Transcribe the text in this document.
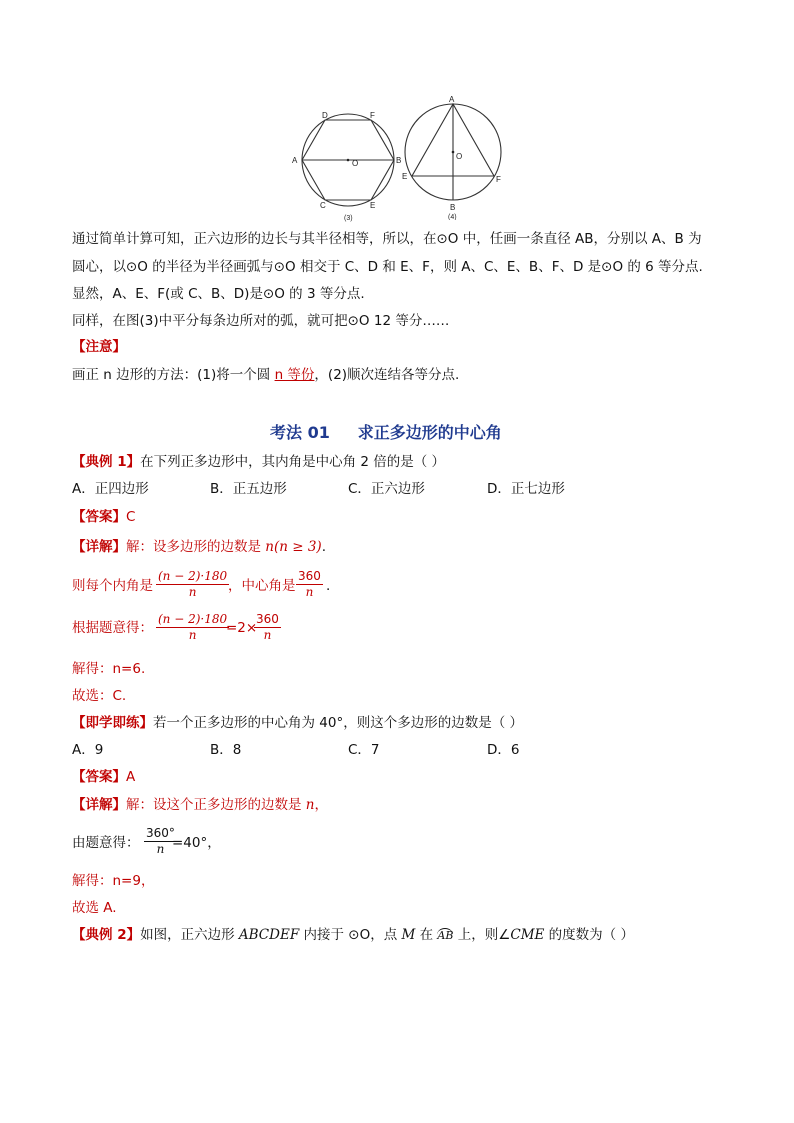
D	F
A	B
C	E
O
(3)
A
O
E	F
B
(4)
通过简单计算可知，正六边形的边长与其半径相等，所以，在⊙O 中，任画一条直径 AB，分别以 A、B 为
圆心，以⊙O 的半径为半径画弧与⊙O 相交于 C、D 和 E、F，则 A、C、E、B、F、D 是⊙O 的 6 等分点.
显然，A、E、F(或 C、B、D)是⊙O 的 3 等分点.
同样，在图(3)中平分每条边所对的弧，就可把⊙O 12 等分……
【注意】
画正 n 边形的方法：(1)将一个圆 n 等份，(2)顺次连结各等分点.
考法 01     求正多边形的中心角
【典例 1】在下列正多边形中，其内角是中心角 2 倍的是（ ）
A．正四边形	B．正五边形	C．正六边形	D．正七边形
【答案】C
【详解】解：设多边形的边数是 n(n ≥ 3).
则每个内角是 $\frac{(n - 2)\cdot 180}{n}$
，中心角是 $\frac{360}{n}$ .
根据题意得： $\frac{(n - 2)\cdot 180}{n}$
=2×
$\frac{360}{n}$
解得：n=6.
故选：C.
【即学即练】若一个正多边形的中心角为 40°，则这个多边形的边数是（ ）
A．9	B．8	C．7	D．6
【答案】A
【详解】解：设这个正多边形的边数是 n，
由题意得： $\frac{360^\circ}{n}$
=40°，
解得：n=9，
故选 A.
【典例 2】如图，正六边形 ABCDEF 内接于 ⊙O，点 M 在 AB 上，则∠CME 的度数为（ ）
